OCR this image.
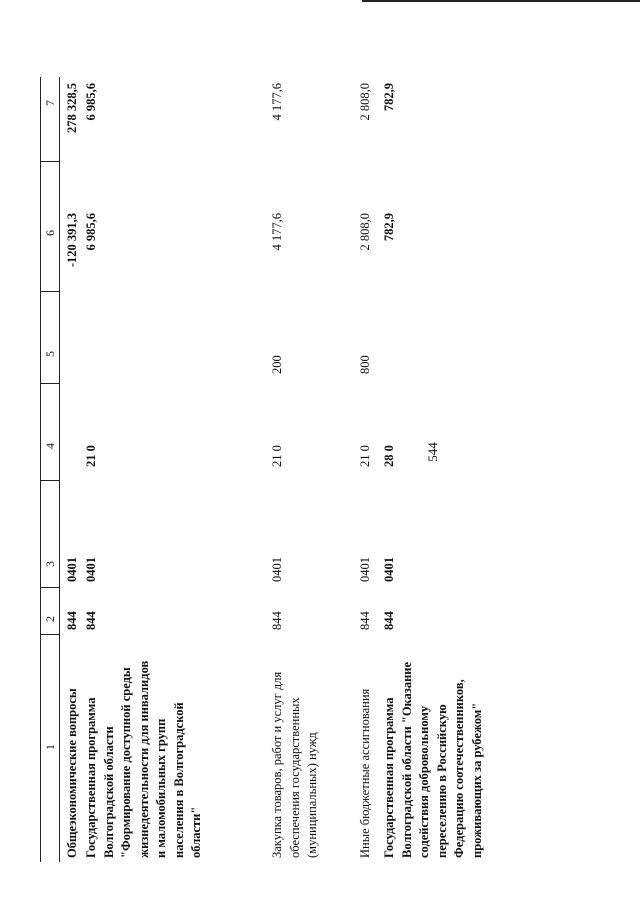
544
1
2
3
4
5
6
7
Общеэкономические вопросы
844
0401
-120 391,3
278 328,5
Государственная программа Волгоградской области "Формирование доступной среды жизнедеятельности для инвалидов и маломобильных групп населения в Волгоградской области"
844
0401
21 0
6 985,6
6 985,6
Закупка товаров, работ и услуг для обеспечения государственных (муниципальных) нужд
844
0401
21 0
200
4 177,6
4 177,6
Иные бюджетные ассигнования
844
0401
21 0
800
2 808,0
2 808,0
Государственная программа Волгоградской области "Оказание содействия добровольному переселению в Российскую Федерацию соотечественников, проживающих за рубежом"
844
0401
28 0
782,9
782,9
